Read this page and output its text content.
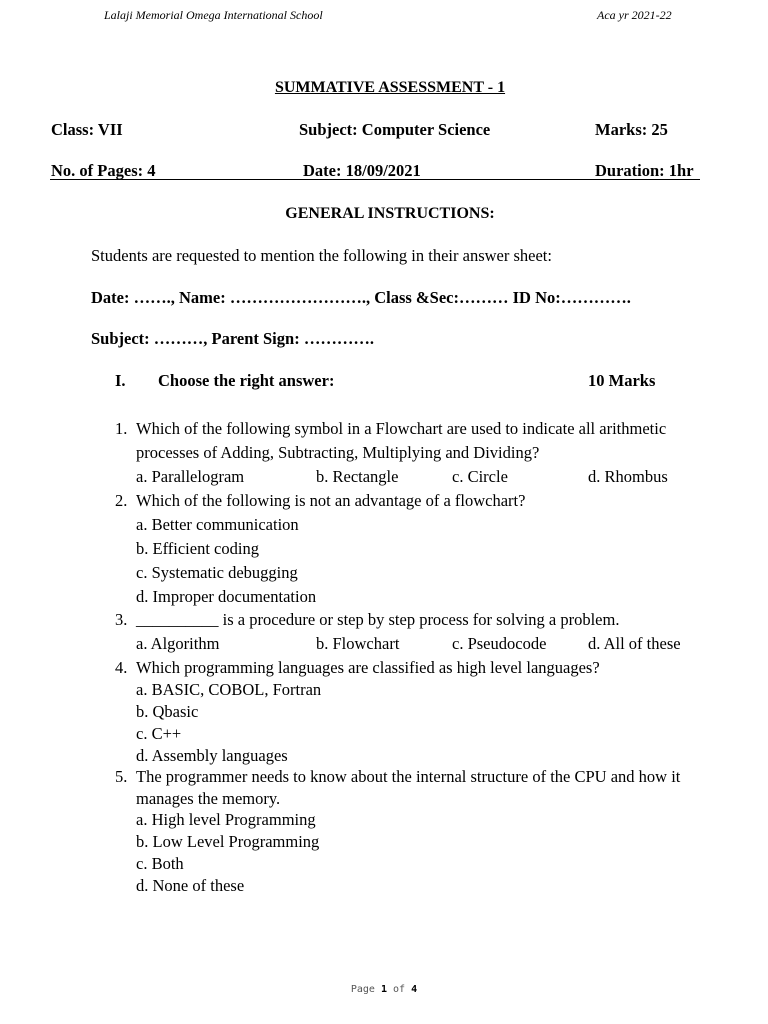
Lalaji Memorial Omega International School	Aca yr 2021-22
SUMMATIVE ASSESSMENT - 1
Class: VII	Subject: Computer Science	Marks: 25
No. of Pages: 4	Date: 18/09/2021	Duration: 1hr
GENERAL INSTRUCTIONS:
Students are requested to mention the following in their answer sheet:
Date: ……., Name: ……………………., Class &Sec:……… ID No:………….
Subject: ………, Parent Sign: ………….
I. Choose the right answer:	10 Marks
1. Which of the following symbol in a Flowchart are used to indicate all arithmetic
processes of Adding, Subtracting, Multiplying and Dividing?
a. Parallelogram	b. Rectangle	c. Circle	d. Rhombus
2. Which of the following is not an advantage of a flowchart?
a. Better communication
b. Efficient coding
c. Systematic debugging
d. Improper documentation
3. __________ is a procedure or step by step process for solving a problem.
a. Algorithm	b. Flowchart	c. Pseudocode	d. All of these
4. Which programming languages are classified as high level languages?
a. BASIC, COBOL, Fortran
b. Qbasic
c. C++
d. Assembly languages
5. The programmer needs to know about the internal structure of the CPU and how it
manages the memory.
a. High level Programming
b. Low Level Programming
c. Both
d. None of these
Page 1 of 4
